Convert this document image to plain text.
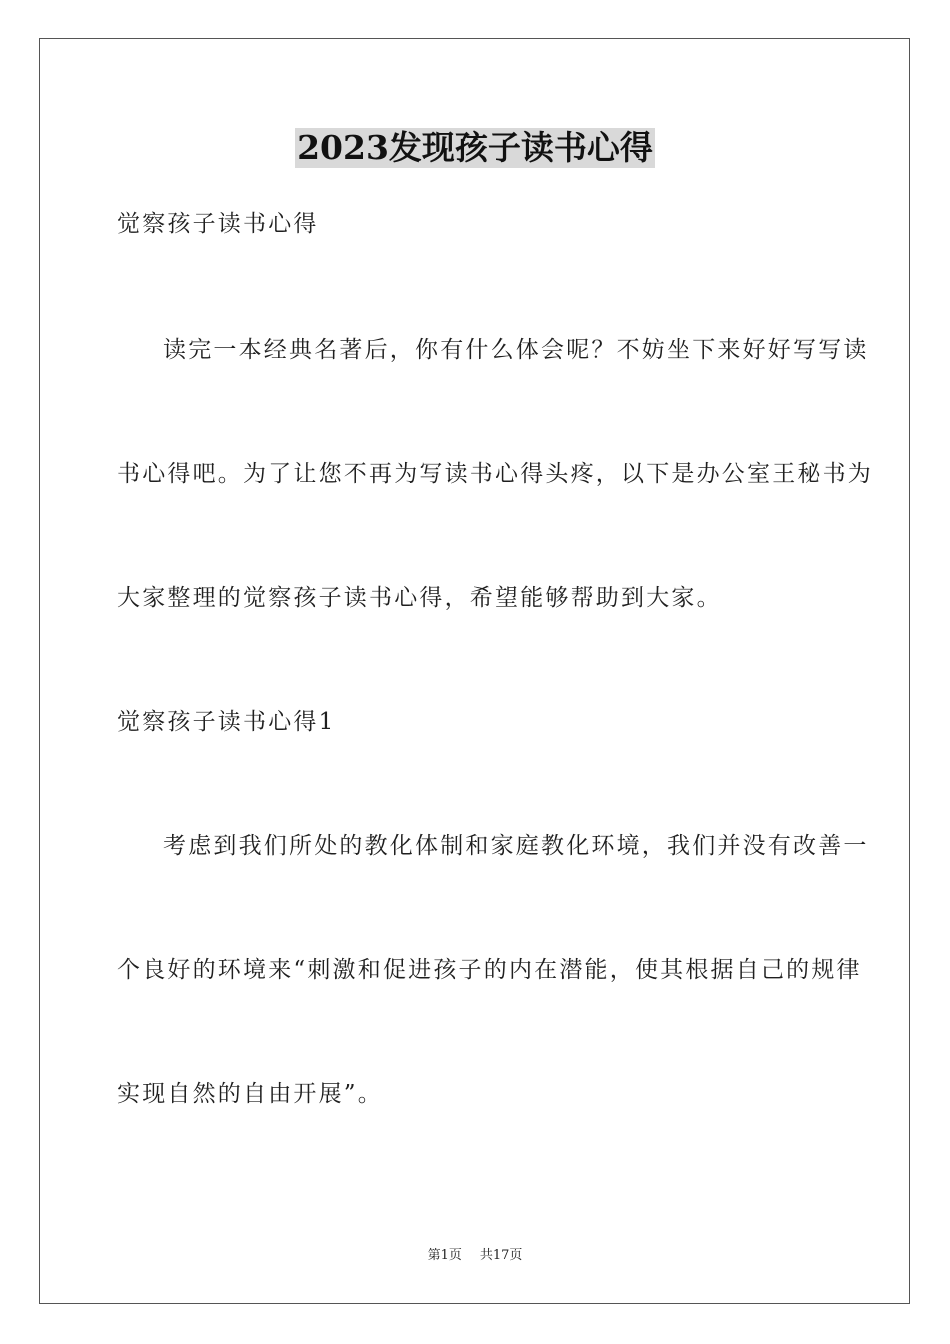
2023发现孩子读书心得
觉察孩子读书心得
读完一本经典名著后，你有什么体会呢？不妨坐下来好好写写读
书心得吧。为了让您不再为写读书心得头疼，以下是办公室王秘书为
大家整理的觉察孩子读书心得，希望能够帮助到大家。
觉察孩子读书心得1
考虑到我们所处的教化体制和家庭教化环境，我们并没有改善一
个良好的环境来“刺激和促进孩子的内在潜能，使其根据自己的规律
实现自然的自由开展”。
第1页 共17页
